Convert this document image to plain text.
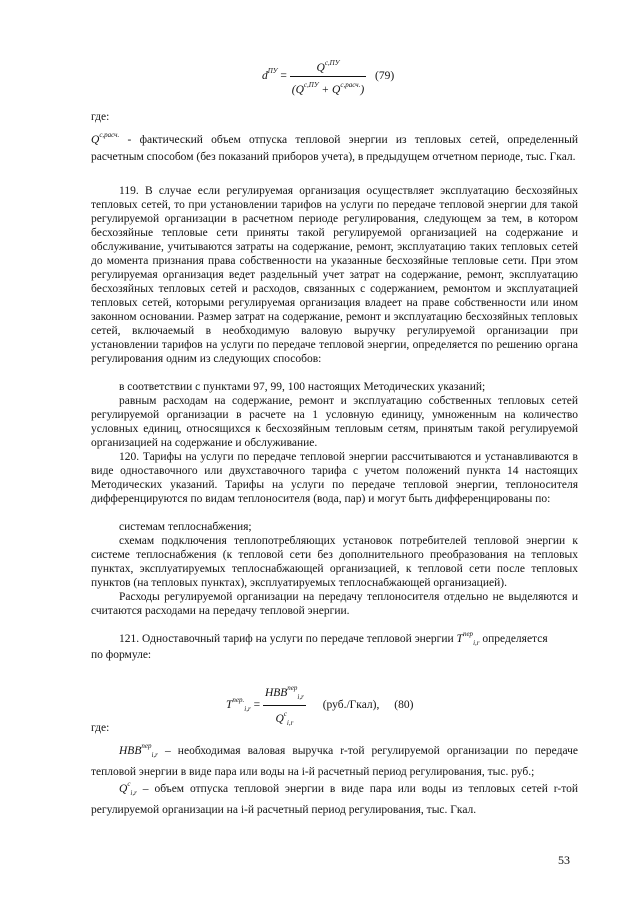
$d^{ПУ} = \frac{Q^{с,ПУ}}{(Q^{с,ПУ} + Q^{с,расч.})} (79)$
где:
$Q^{с,расч.}$ - фактический объем отпуска тепловой энергии из тепловых сетей, определенный расчетным способом (без показаний приборов учета), в предыдущем отчетном периоде, тыс. Гкал.
119. В случае если регулируемая организация осуществляет эксплуатацию бесхозяйных тепловых сетей, то при установлении тарифов на услуги по передаче тепловой энергии для такой регулируемой организации в расчетном периоде регулирования, следующем за тем, в котором бесхозяйные тепловые сети приняты такой регулируемой организацией на содержание и обслуживание, учитываются затраты на содержание, ремонт, эксплуатацию таких тепловых сетей до момента признания права собственности на указанные бесхозяйные тепловые сети. При этом регулируемая организация ведет раздельный учет затрат на содержание, ремонт, эксплуатацию бесхозяйных тепловых сетей и расходов, связанных с содержанием, ремонтом и эксплуатацией тепловых сетей, которыми регулируемая организация владеет на праве собственности или ином законном основании. Размер затрат на содержание, ремонт и эксплуатацию бесхозяйных тепловых сетей, включаемый в необходимую валовую выручку регулируемой организации при установлении тарифов на услуги по передаче тепловой энергии, определяется по решению органа регулирования одним из следующих способов:
в соответствии с пунктами 97, 99, 100 настоящих Методических указаний;
равным расходам на содержание, ремонт и эксплуатацию собственных тепловых сетей регулируемой организации в расчете на 1 условную единицу, умноженным на количество условных единиц, относящихся к бесхозяйным тепловым сетям, принятым такой регулируемой организацией на содержание и обслуживание.
120. Тарифы на услуги по передаче тепловой энергии рассчитываются и устанавливаются в виде одноставочного или двухставочного тарифа с учетом положений пункта 14 настоящих Методических указаний. Тарифы на услуги по передаче тепловой энергии, теплоносителя дифференцируются по видам теплоносителя (вода, пар) и могут быть дифференцированы по:
системам теплоснабжения;
схемам подключения теплопотребляющих установок потребителей тепловой энергии к системе теплоснабжения (к тепловой сети без дополнительного преобразования на тепловых пунктах, эксплуатируемых теплоснабжающей организацией, к тепловой сети после тепловых пунктов (на тепловых пунктах), эксплуатируемых теплоснабжающей организацией).
Расходы регулируемой организации на передачу теплоносителя отдельно не выделяются и считаются расходами на передачу тепловой энергии.
121. Одноставочный тариф на услуги по передаче тепловой энергии $T^{пер}_{i,r}$ определяется
по формуле:
$T^{пер.}_{i,r} = \frac{HBB^{пер}_{i,r}}{Q^с_{i,r}}$ (руб./Гкал), (80)
где:
$HBB^{пер}_{i,r}$ – необходимая валовая выручка r-той регулируемой организации по передаче тепловой энергии в виде пара или воды на i-й расчетный период регулирования, тыс. руб.;
$Q^с_{i,r}$ – объем отпуска тепловой энергии в виде пара или воды из тепловых сетей r-той регулируемой организации на i-й расчетный период регулирования, тыс. Гкал.
53
